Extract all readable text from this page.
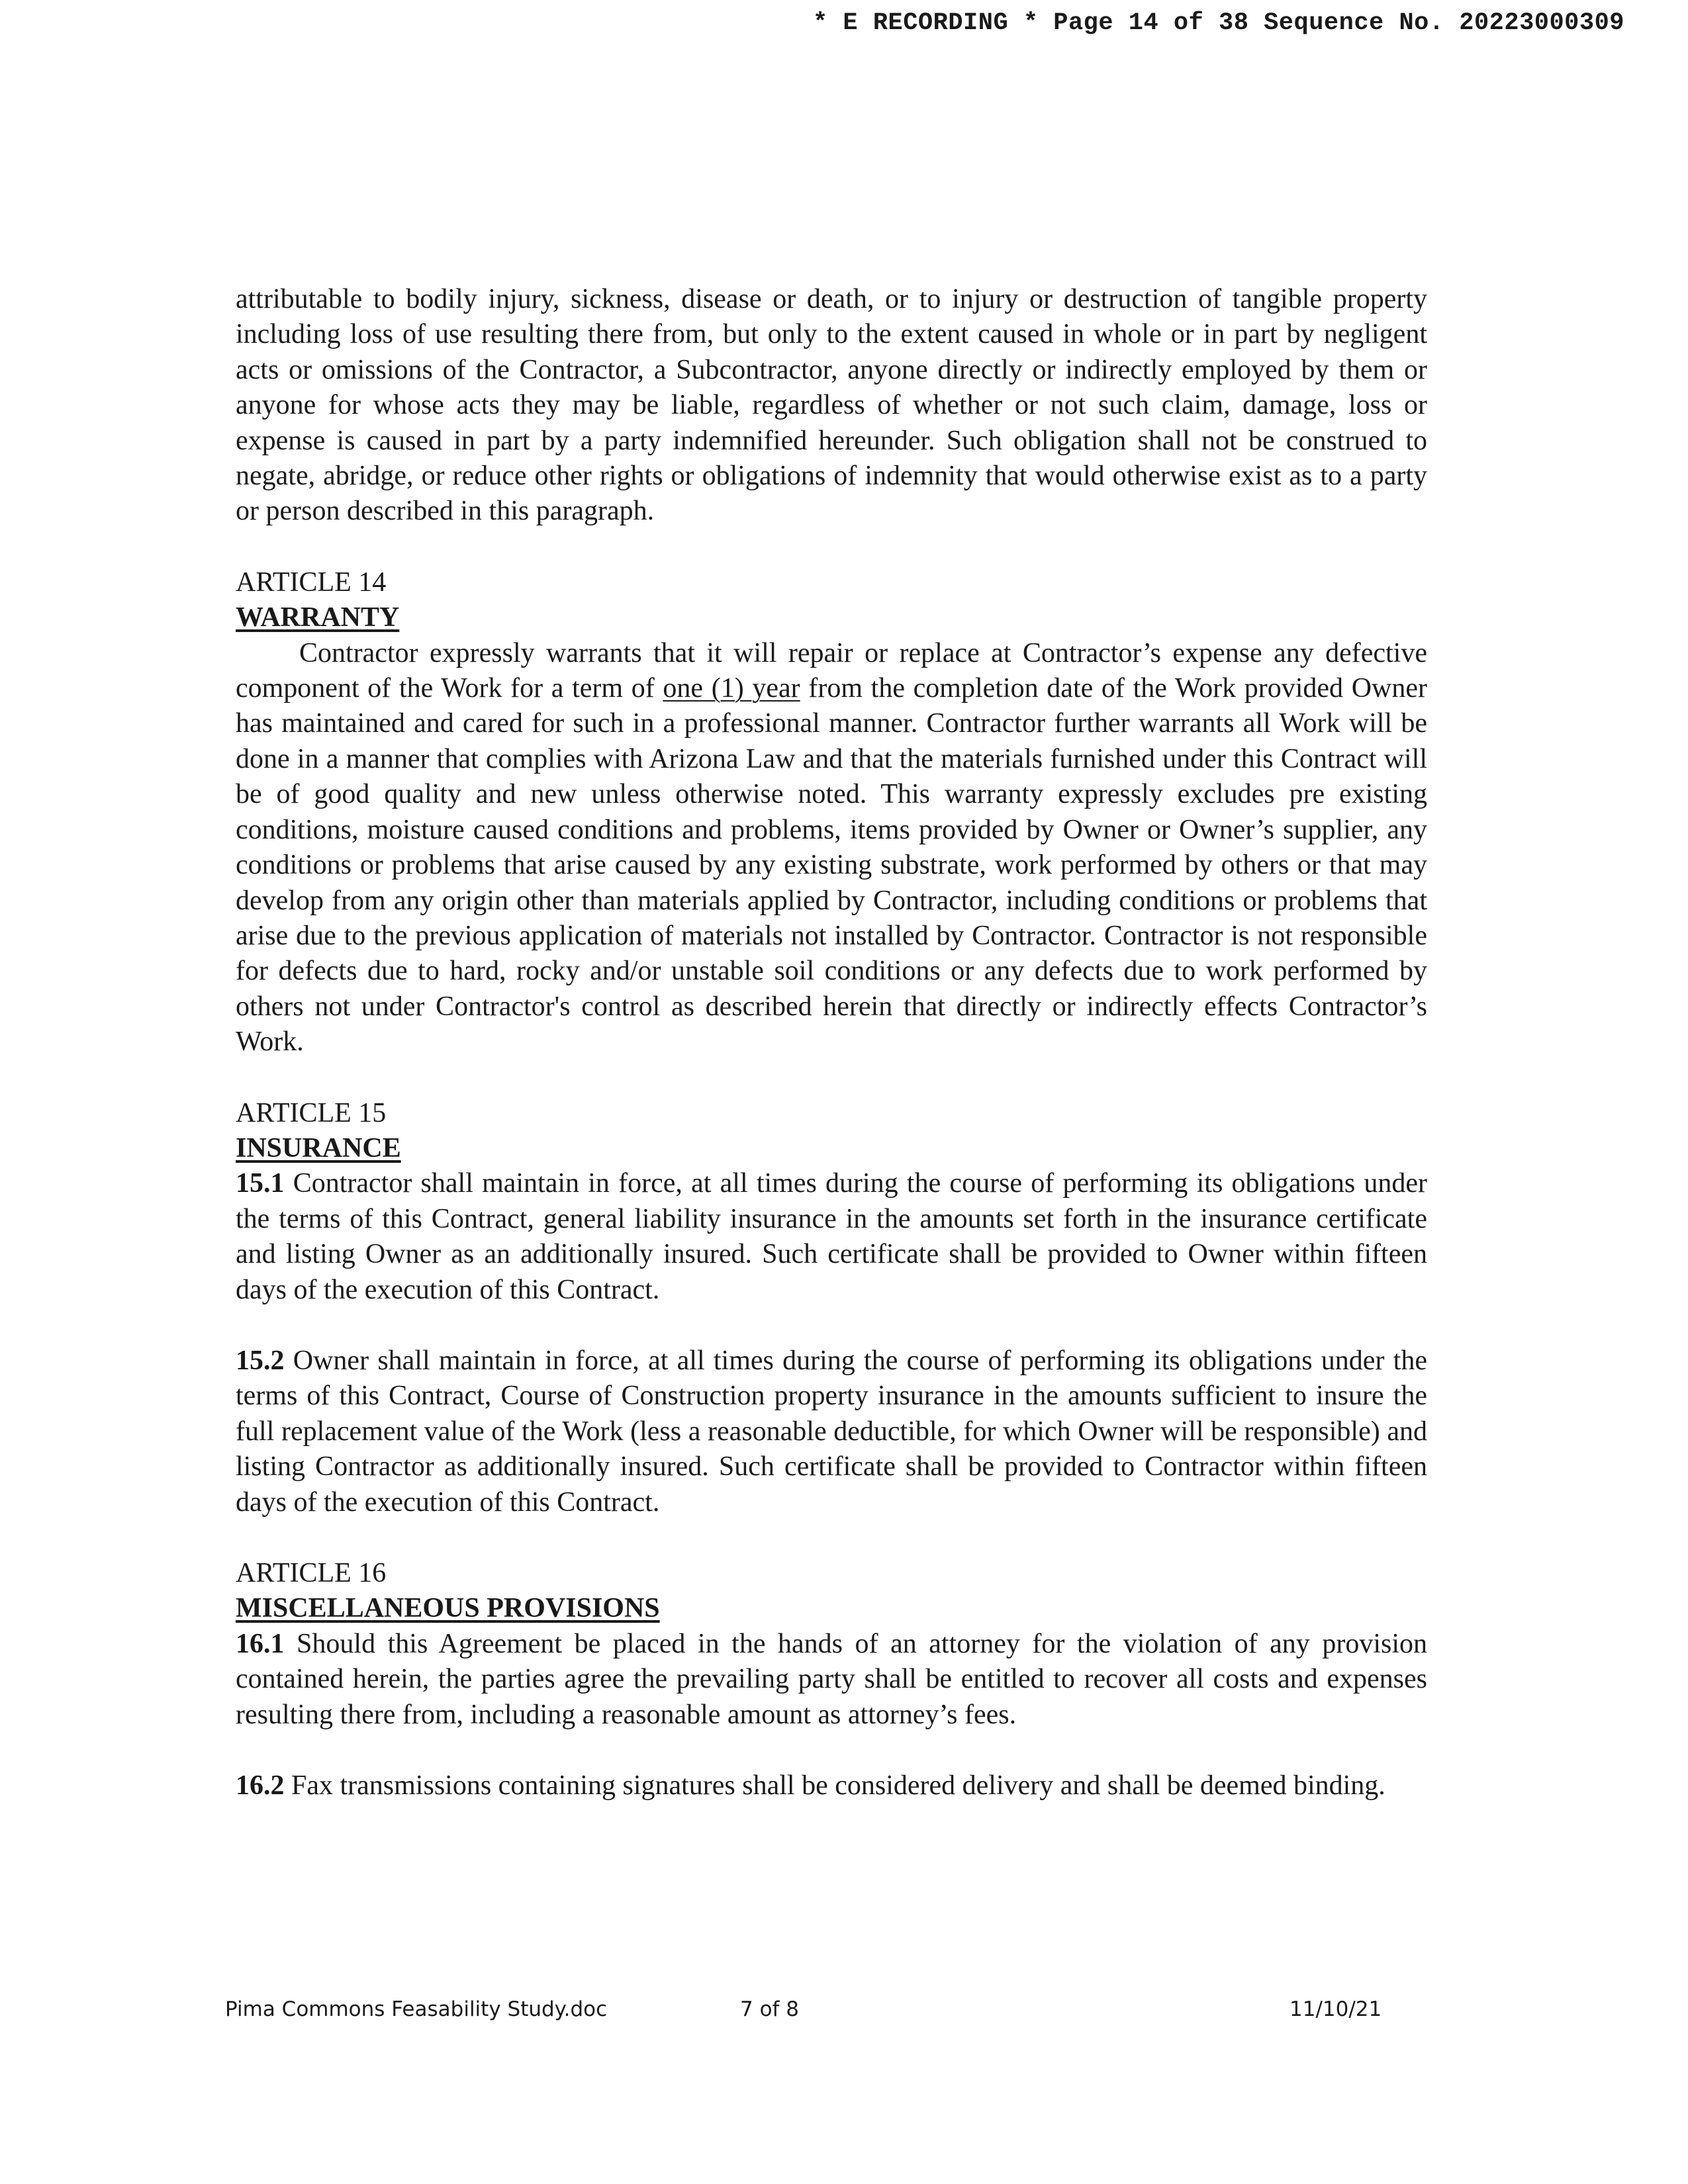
* E RECORDING * Page 14 of 38 Sequence No. 20223000309

attributable to bodily injury, sickness, disease or death, or to injury or destruction of tangible property including loss of use resulting there from, but only to the extent caused in whole or in part by negligent acts or omissions of the Contractor, a Subcontractor, anyone directly or indirectly employed by them or anyone for whose acts they may be liable, regardless of whether or not such claim, damage, loss or expense is caused in part by a party indemnified hereunder. Such obligation shall not be construed to negate, abridge, or reduce other rights or obligations of indemnity that would otherwise exist as to a party or person described in this paragraph.

ARTICLE 14

WARRANTY

Contractor expressly warrants that it will repair or replace at Contractor’s expense any defective component of the Work for a term of one (1) year from the completion date of the Work provided Owner has maintained and cared for such in a professional manner. Contractor further warrants all Work will be done in a manner that complies with Arizona Law and that the materials furnished under this Contract will be of good quality and new unless otherwise noted. This warranty expressly excludes pre existing conditions, moisture caused conditions and problems, items provided by Owner or Owner’s supplier, any conditions or problems that arise caused by any existing substrate, work performed by others or that may develop from any origin other than materials applied by Contractor, including conditions or problems that arise due to the previous application of materials not installed by Contractor. Contractor is not responsible for defects due to hard, rocky and/or unstable soil conditions or any defects due to work performed by others not under Contractor's control as described herein that directly or indirectly effects Contractor’s Work.

ARTICLE 15

INSURANCE

15.1 Contractor shall maintain in force, at all times during the course of performing its obligations under the terms of this Contract, general liability insurance in the amounts set forth in the insurance certificate and listing Owner as an additionally insured. Such certificate shall be provided to Owner within fifteen days of the execution of this Contract.

15.2 Owner shall maintain in force, at all times during the course of performing its obligations under the terms of this Contract, Course of Construction property insurance in the amounts sufficient to insure the full replacement value of the Work (less a reasonable deductible, for which Owner will be responsible) and listing Contractor as additionally insured. Such certificate shall be provided to Contractor within fifteen days of the execution of this Contract.

ARTICLE 16

MISCELLANEOUS PROVISIONS

16.1 Should this Agreement be placed in the hands of an attorney for the violation of any provision contained herein, the parties agree the prevailing party shall be entitled to recover all costs and expenses resulting there from, including a reasonable amount as attorney’s fees.

16.2 Fax transmissions containing signatures shall be considered delivery and shall be deemed binding.

Pima Commons Feasability Study.doc	7 of 8	11/10/21
